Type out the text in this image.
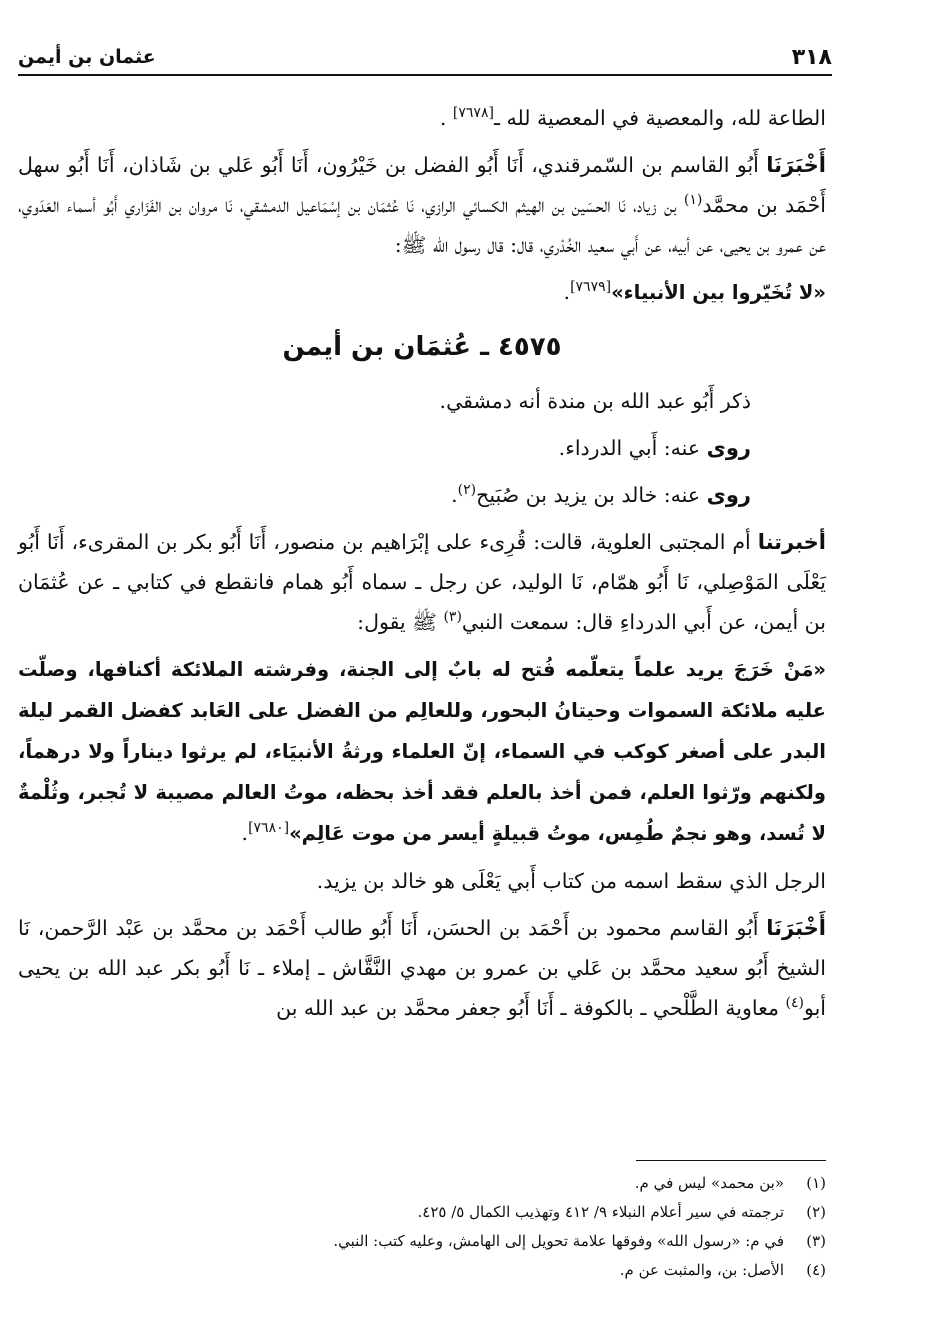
٣١٨
عثمان بن أيمن

الطاعة لله، والمعصية في المعصية لله ـ[٧٦٧٨] .

أَخْبَرَنَا أَبُو القاسم بن السّمرقندي، أَنَا أَبُو الفضل بن خَيْرُون، أَنَا أَبُو عَلي بن شَاذان، أَنَا أَبُو سهل أَحْمَد بن محمَّد$^{(١)}$ بن زياد، نَا الحسَين بن الهيثم الكسائي الرازي، نَا عُثمَان بن إسْمَاعيل الدمشقي، نَا مروان بن الفَزَاري أَبُو أسماء العَدَوي، عن عمرو بن يحيى، عن أبيه، عن أَبي سعيد الخُدْري، قال: قال رسول الله ﷺ:

«لا تُخَيّروا بين الأنبياء»[٧٦٧٩].

٤٥٧٥ ـ عُثمَان بن أيمن

ذكر أَبُو عبد الله بن مندة أنه دمشقي.

روى عنه: أَبي الدرداء.

روى عنه: خالد بن يزيد بن صُبَيح$^{(٢)}$.

أخبرتنا أم المجتبى العلوية، قالت: قُرِىء على إبْرَاهيم بن منصور، أَنَا أَبُو بكر بن المقرىء، أَنَا أَبُو يَعْلَى المَوْصِلي، نَا أَبُو همّام، نَا الوليد، عن رجل ـ سماه أَبُو همام فانقطع في كتابي ـ عن عُثمَان بن أيمن، عن أَبي الدرداءِ قال: سمعت النبي$^{(٣)}$ ﷺ يقول:

«مَنْ خَرَجَ يريد علماً يتعلّمه فُتح له بابٌ إلى الجنة، وفرشته الملائكة أكنافها، وصلّت عليه ملائكة السموات وحيتانُ البحور، وللعالِم من الفضل على العَابد كفضل القمر ليلة البدر على أصغر كوكب في السماء، إنّ العلماء ورثةُ الأنبيَاء، لم يرثوا ديناراً ولا درهماً، ولكنهم ورّثوا العلم، فمن أخذ بالعلم فقد أخذ بحظه، موتُ العالم مصيبة لا تُجبر، وثُلْمةٌ لا تُسد، وهو نجمٌ طُمِس، موتُ قبيلةٍ أيسر من موت عَالِم»[٧٦٨٠].

الرجل الذي سقط اسمه من كتاب أَبي يَعْلَى هو خالد بن يزيد.

أَخْبَرَنَا أَبُو القاسم محمود بن أَحْمَد بن الحسَن، أَنَا أَبُو طالب أَحْمَد بن محمَّد بن عَبْد الرَّحمن، نَا الشيخ أَبُو سعيد محمَّد بن عَلي بن عمرو بن مهدي النَّقَّاش ـ إملاء ـ نَا أَبُو بكر عبد الله بن يحيى أبو$^{(٤)}$ معاوية الطَّلْحي ـ بالكوفة ـ أَنَا أَبُو جعفر محمَّد بن عبد الله بن

(١)«بن محمد» ليس في م.
(٢)ترجمته في سير أعلام النبلاء ٩/ ٤١٢ وتهذيب الكمال ٥/ ٤٢٥.
(٣)في م: «رسول الله» وفوقها علامة تحويل إلى الهامش، وعليه كتب: النبي.
(٤)الأصل: بن، والمثبت عن م.
